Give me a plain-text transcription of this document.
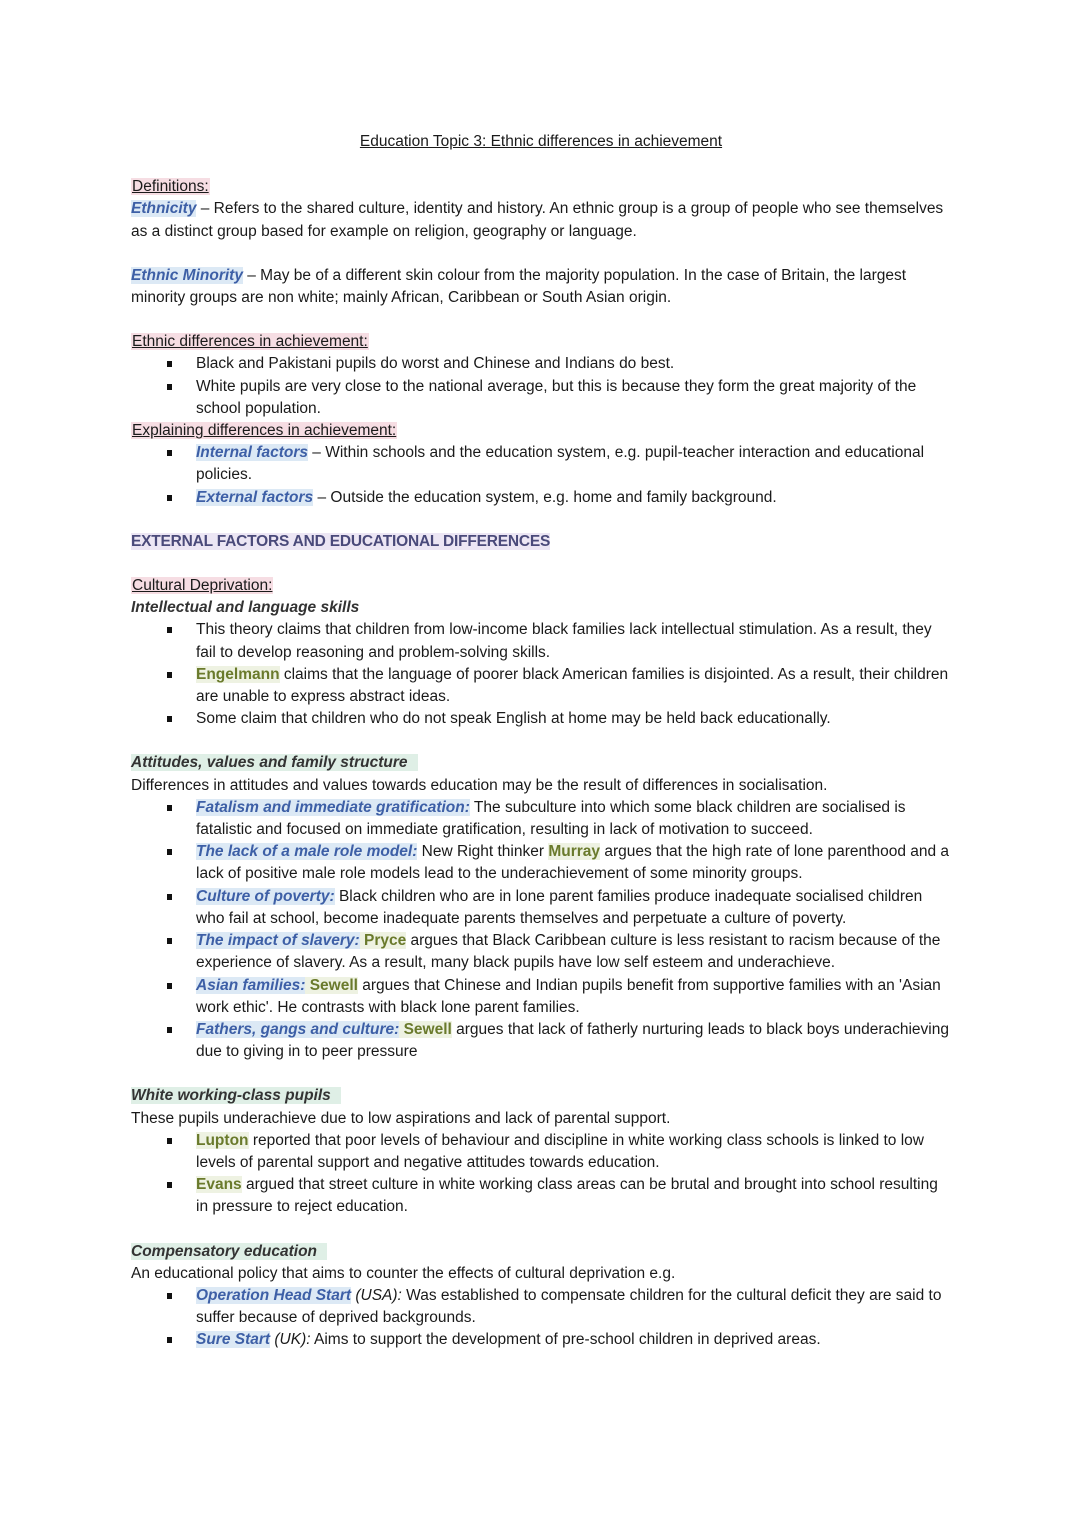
Education Topic 3: Ethnic differences in achievement

Definitions:

Ethnicity – Refers to the shared culture, identity and history. An ethnic group is a group of people who see themselves as a distinct group based for example on religion, geography or language.

Ethnic Minority – May be of a different skin colour from the majority population. In the case of Britain, the largest minority groups are non white; mainly African, Caribbean or South Asian origin.

Ethnic differences in achievement:
Black and Pakistani pupils do worst and Chinese and Indians do best.
White pupils are very close to the national average, but this is because they form the great majority of the school population.
Explaining differences in achievement:
Internal factors – Within schools and the education system, e.g. pupil-teacher interaction and educational policies.
External factors – Outside the education system, e.g. home and family background.

EXTERNAL FACTORS AND EDUCATIONAL DIFFERENCES

Cultural Deprivation:

Intellectual and language skills

This theory claims that children from low-income black families lack intellectual stimulation. As a result, they fail to develop reasoning and problem-solving skills.
Engelmann claims that the language of poorer black American families is disjointed. As a result, their children are unable to express abstract ideas.
Some claim that children who do not speak English at home may be held back educationally.

Attitudes, values and family structure

Differences in attitudes and values towards education may be the result of differences in socialisation.

Fatalism and immediate gratification: The subculture into which some black children are socialised is fatalistic and focused on immediate gratification, resulting in lack of motivation to succeed.
The lack of a male role model: New Right thinker Murray argues that the high rate of lone parenthood and a lack of positive male role models lead to the underachievement of some minority groups.
Culture of poverty: Black children who are in lone parent families produce inadequate socialised children who fail at school, become inadequate parents themselves and perpetuate a culture of poverty.
The impact of slavery: Pryce argues that Black Caribbean culture is less resistant to racism because of the experience of slavery. As a result, many black pupils have low self esteem and underachieve.
Asian families: Sewell argues that Chinese and Indian pupils benefit from supportive families with an 'Asian work ethic'. He contrasts with black lone parent families.
Fathers, gangs and culture: Sewell argues that lack of fatherly nurturing leads to black boys underachieving due to giving in to peer pressure

White working-class pupils

These pupils underachieve due to low aspirations and lack of parental support.

Lupton reported that poor levels of behaviour and discipline in white working class schools is linked to low levels of parental support and negative attitudes towards education.
Evans argued that street culture in white working class areas can be brutal and brought into school resulting in pressure to reject education.

Compensatory education

An educational policy that aims to counter the effects of cultural deprivation e.g.

Operation Head Start (USA): Was established to compensate children for the cultural deficit they are said to suffer because of deprived backgrounds.
Sure Start (UK): Aims to support the development of pre-school children in deprived areas.
